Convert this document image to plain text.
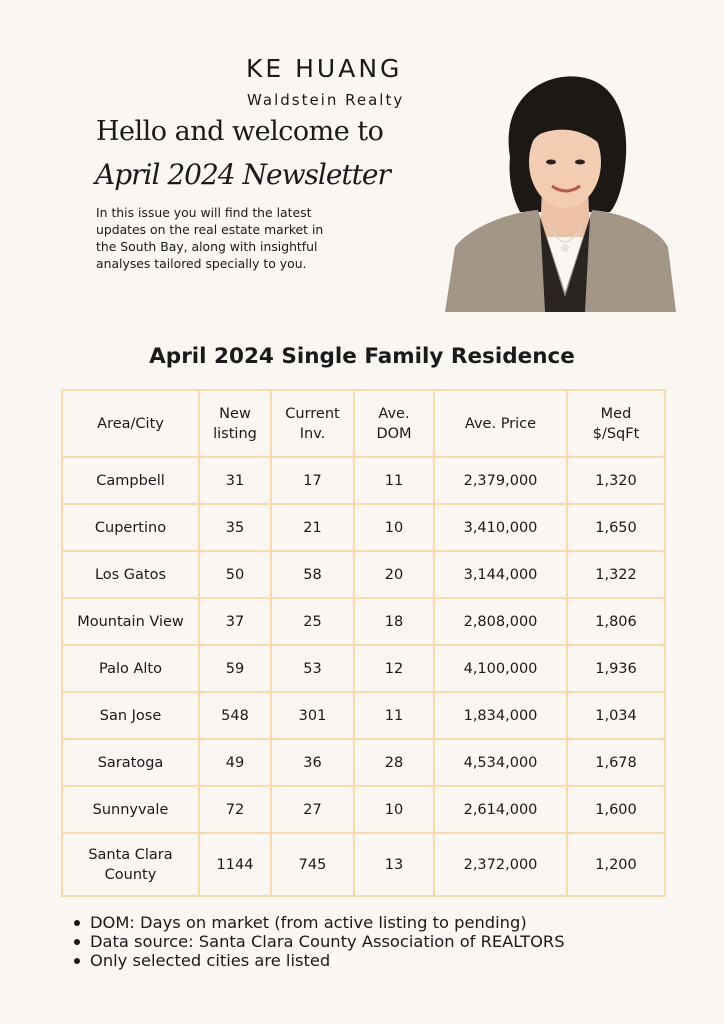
KE HUANG
Waldstein Realty
Hello and welcome to
April 2024 Newsletter

In this issue you will find the latest updates on the real estate market in the South Bay, along with insightful analyses tailored specially to you.

April 2024 Single Family Residence
Area/City	New listing	Current Inv.	Ave. DOM	Ave. Price	Med $/SqFt
Campbell	31	17	11	2,379,000	1,320
Cupertino	35	21	10	3,410,000	1,650
Los Gatos	50	58	20	3,144,000	1,322
Mountain View	37	25	18	2,808,000	1,806
Palo Alto	59	53	12	4,100,000	1,936
San Jose	548	301	11	1,834,000	1,034
Saratoga	49	36	28	4,534,000	1,678
Sunnyvale	72	27	10	2,614,000	1,600
Santa Clara County	1144	745	13	2,372,000	1,200
DOM: Days on market (from active listing to pending)
Data source: Santa Clara County Association of REALTORS
Only selected cities are listed
